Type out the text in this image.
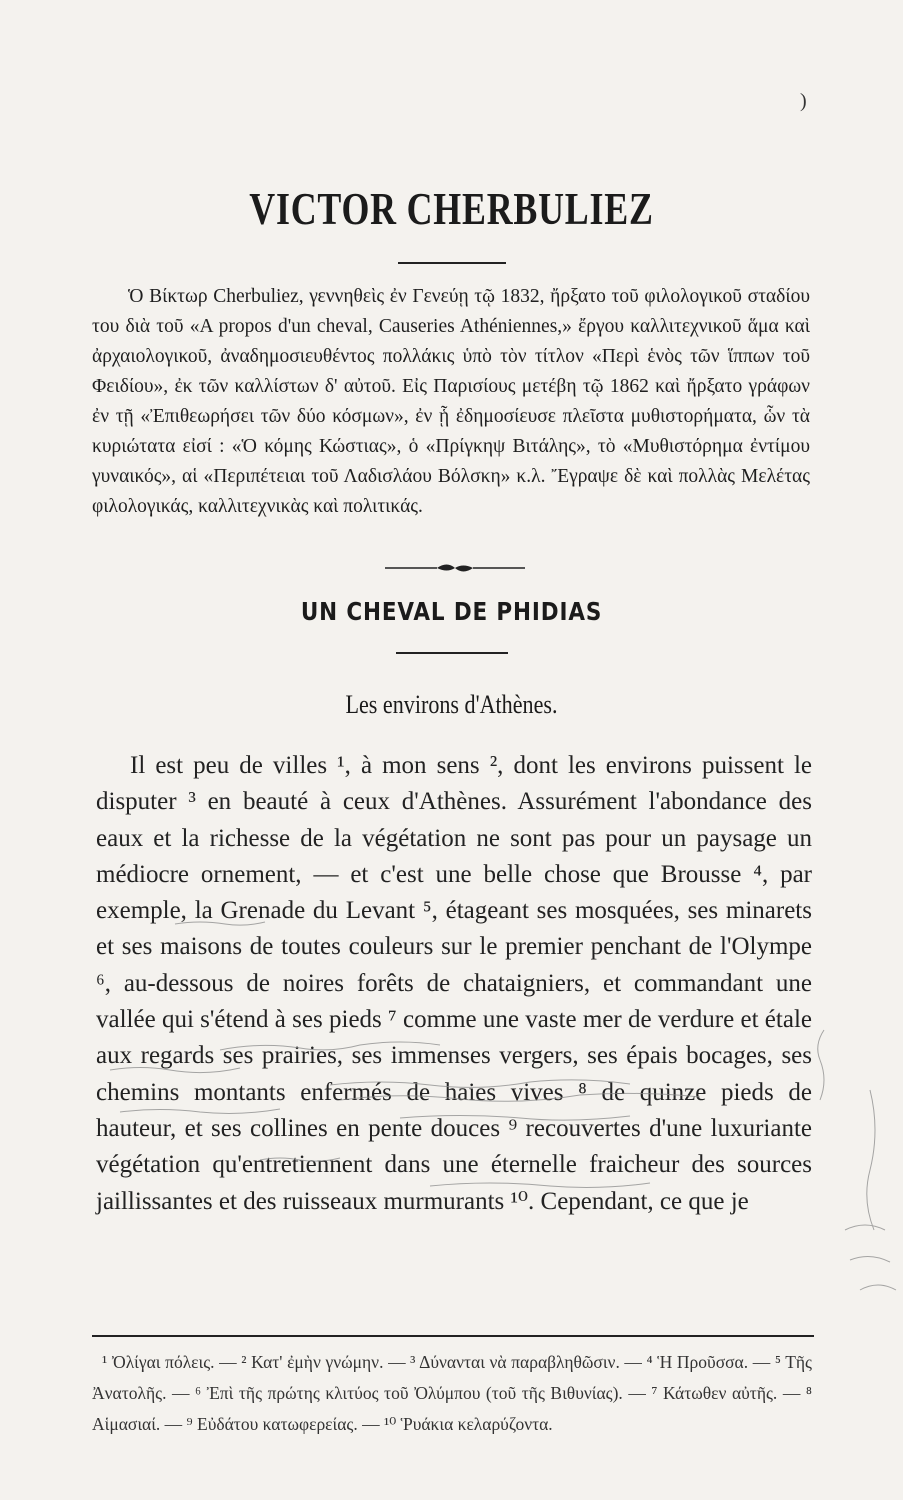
)
VICTOR CHERBULIEZ
Ὁ Βίκτωρ Cherbuliez, γεννηθεὶς ἐν Γενεύῃ τῷ 1832, ἤρξατο τοῦ φιλολογικοῦ σταδίου του διὰ τοῦ «A propos d'un cheval, Causeries Athéniennes,» ἔργου καλλιτεχνικοῦ ἅμα καὶ ἀρχαιολογικοῦ, ἀναδημοσιευθέντος πολλάκις ὑπὸ τὸν τίτλον «Περὶ ἑνὸς τῶν ἵππων τοῦ Φειδίου», ἐκ τῶν καλλίστων δ' αὐτοῦ. Εἰς Παρισίους μετέβη τῷ 1862 καὶ ἤρξατο γράφων ἐν τῇ «Ἐπιθεωρήσει τῶν δύο κόσμων», ἐν ᾗ ἐδημοσίευσε πλεῖστα μυθιστορήματα, ὧν τὰ κυριώτατα εἰσί : «Ὁ κόμης Κώστιας», ὁ «Πρίγκηψ Βιτάλης», τὸ «Μυθιστόρημα ἐντίμου γυναικός», αἱ «Περιπέτειαι τοῦ Λαδισλάου Βόλσκη» κ.λ. Ἔγραψε δὲ καὶ πολλὰς Μελέτας φιλολογικάς, καλλιτεχνικὰς καὶ πολιτικάς.
UN CHEVAL DE PHIDIAS
Les environs d'Athènes.
Il est peu de villes ¹, à mon sens ², dont les environs puissent le disputer ³ en beauté à ceux d'Athènes. Assurément l'abondance des eaux et la richesse de la végétation ne sont pas pour un paysage un médiocre ornement, — et c'est une belle chose que Brousse ⁴, par exemple, la Grenade du Levant ⁵, étageant ses mosquées, ses minarets et ses maisons de toutes couleurs sur le premier penchant de l'Olympe ⁶, au-dessous de noires forêts de chataigniers, et commandant une vallée qui s'étend à ses pieds ⁷ comme une vaste mer de verdure et étale aux regards ses prairies, ses immenses vergers, ses épais bocages, ses chemins montants enfermés de haies vives ⁸ de quinze pieds de hauteur, et ses collines en pente douces ⁹ recouvertes d'une luxuriante végétation qu'entretiennent dans une éternelle fraicheur des sources jaillissantes et des ruisseaux murmurants ¹⁰. Cependant, ce que je
¹ Ὀλίγαι πόλεις. — ² Κατ' ἐμὴν γνώμην. — ³ Δύνανται νὰ παραβληθῶσιν. — ⁴ Ἡ Προῦσσα. — ⁵ Τῆς Ἀνατολῆς. — ⁶ Ἐπὶ τῆς πρώτης κλιτύος τοῦ Ὀλύμπου (τοῦ τῆς Βιθυνίας). — ⁷ Κάτωθεν αὐτῆς. — ⁸ Αἱμασιαί. — ⁹ Εὐδάτου κατωφερείας. — ¹⁰ Ῥυάκια κελαρύζοντα.
